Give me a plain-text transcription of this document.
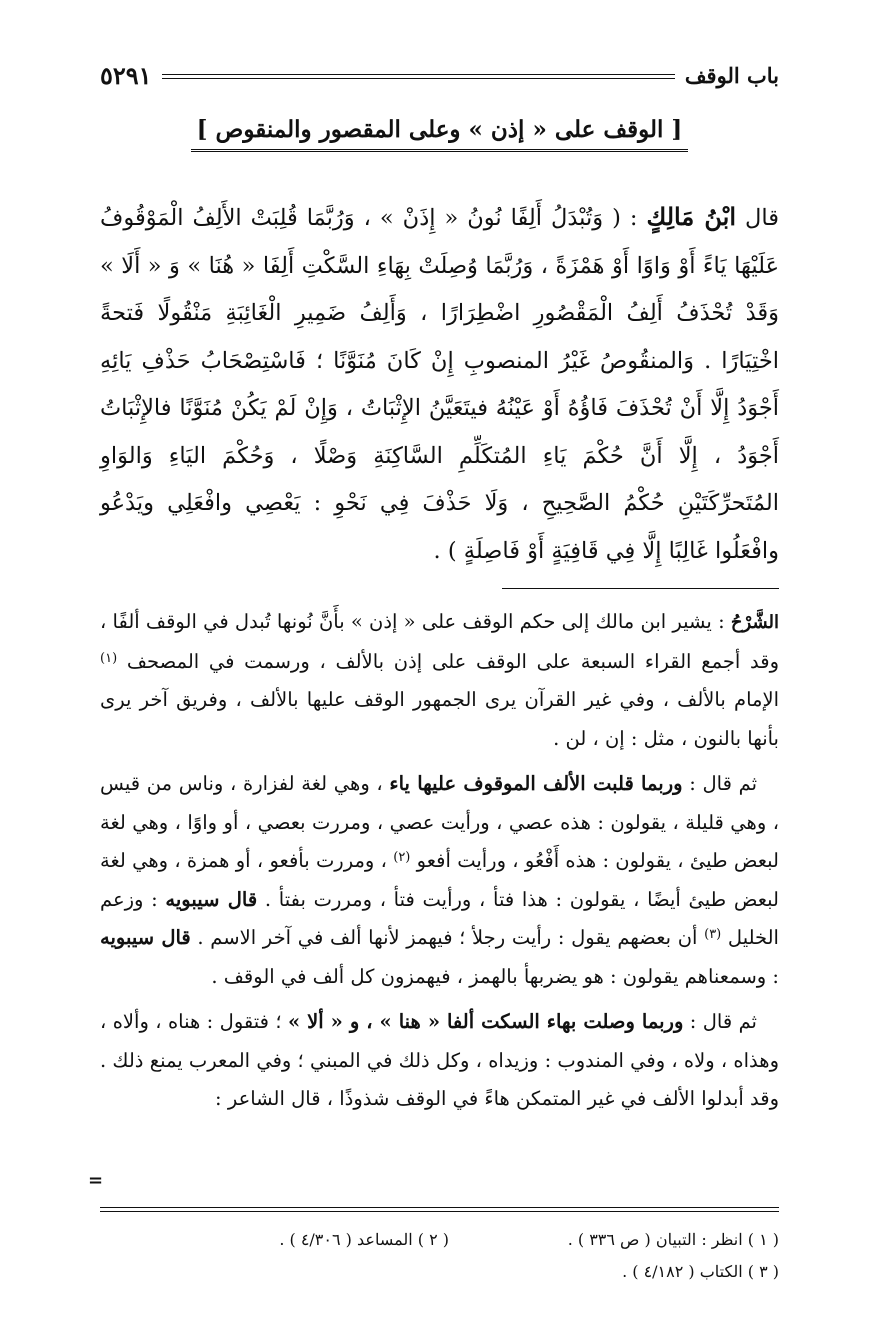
باب الوقف
٥٢٩١
[ الوقف على « إذن » وعلى المقصور والمنقوص ]
قال ابْنُ مَالِكٍ : ( وَتُبْدَلُ أَلِفًا نُونُ « إِذَنْ » ، وَرُبَّمَا قُلِبَتْ الأَلِفُ الْمَوْقُوفُ عَلَيْهَا يَاءً أَوْ وَاوًا أَوْ هَمْزَةً ، وَرُبَّمَا وُصِلَتْ بِهَاءِ السَّكْتِ أَلِفَا « هُنَا » وَ « أَلَا » وَقَدْ تُحْذَفُ أَلِفُ الْمَقْصُورِ اضْطِرَارًا ، وَأَلِفُ ضَمِيرِ الْغَائِبَةِ مَنْقُولًا فَتحةً اخْتِيَارًا . وَالمنقُوصُ غَيْرُ المنصوبِ إِنْ كَانَ مُنَوَّنًا ؛ فَاسْتِصْحَابُ حَذْفِ يَائِهِ أَجْوَدُ إِلَّا أَنْ تُحْذَفَ فَاؤُهُ أَوْ عَيْنُهُ فيتَعَيَّنُ الإِثْبَاتُ ، وَإِنْ لَمْ يَكُنْ مُنَوَّنًا فالإِثْبَاتُ أَجْوَدُ ، إِلَّا أَنَّ حُكْمَ يَاءِ المُتكَلِّمِ السَّاكِنَةِ وَصْلًا ، وَحُكْمَ اليَاءِ وَالوَاوِ المُتَحرِّكَتَيْنِ حُكْمُ الصَّحِيحِ ، وَلَا حَذْفَ فِي نَحْوِ : يَعْصِي وافْعَلِي ويَدْعُو وافْعَلُوا غَالِبًا إِلَّا فِي قَافِيَةٍ أَوْ فَاصِلَةٍ ) .

الشَّرْحُ : يشير ابن مالك إلى حكم الوقف على « إذن » بأَنَّ نُونها تُبدل في الوقف ألفًا ، وقد أجمع القراء السبعة على الوقف على إذن بالألف ، ورسمت في المصحف $^{(١)}$ الإمام بالألف ، وفي غير القرآن يرى الجمهور الوقف عليها بالألف ، وفريق آخر يرى بأنها بالنون ، مثل : إن ، لن .

ثم قال : وربما قلبت الألف الموقوف عليها ياء ، وهي لغة لفزارة ، وناس من قيس ، وهي قليلة ، يقولون : هذه عصي ، ورأيت عصي ، ومررت بعصي ، أو واوًا ، وهي لغة لبعض طيئ ، يقولون : هذه أَفْعُو ، ورأيت أفعو $^{(٢)}$ ، ومررت بأفعو ، أو همزة ، وهي لغة لبعض طيئ أيضًا ، يقولون : هذا فتأ ، ورأيت فتأ ، ومررت بفتأ . قال سيبويه : وزعم الخليل $^{(٣)}$ أن بعضهم يقول : رأيت رجلأ ؛ فيهمز لأنها ألف في آخر الاسم . قال سيبويه : وسمعناهم يقولون : هو يضربهأ بالهمز ، فيهمزون كل ألف في الوقف .

ثم قال : وربما وصلت بهاء السكت ألفا « هنا » ، و « ألا » ؛ فتقول : هناه ، وألاه ، وهذاه ، ولاه ، وفي المندوب : وزيداه ، وكل ذلك في المبني ؛ وفي المعرب يمنع ذلك . وقد أبدلوا الألف في غير المتمكن هاءً في الوقف شذوذًا ، قال الشاعر :

=
( ١ ) انظر : التبيان ( ص ٣٣٦ ) .
( ٢ ) المساعد ( ٤/٣٠٦ ) .
( ٣ ) الكتاب ( ٤/١٨٢ ) .
